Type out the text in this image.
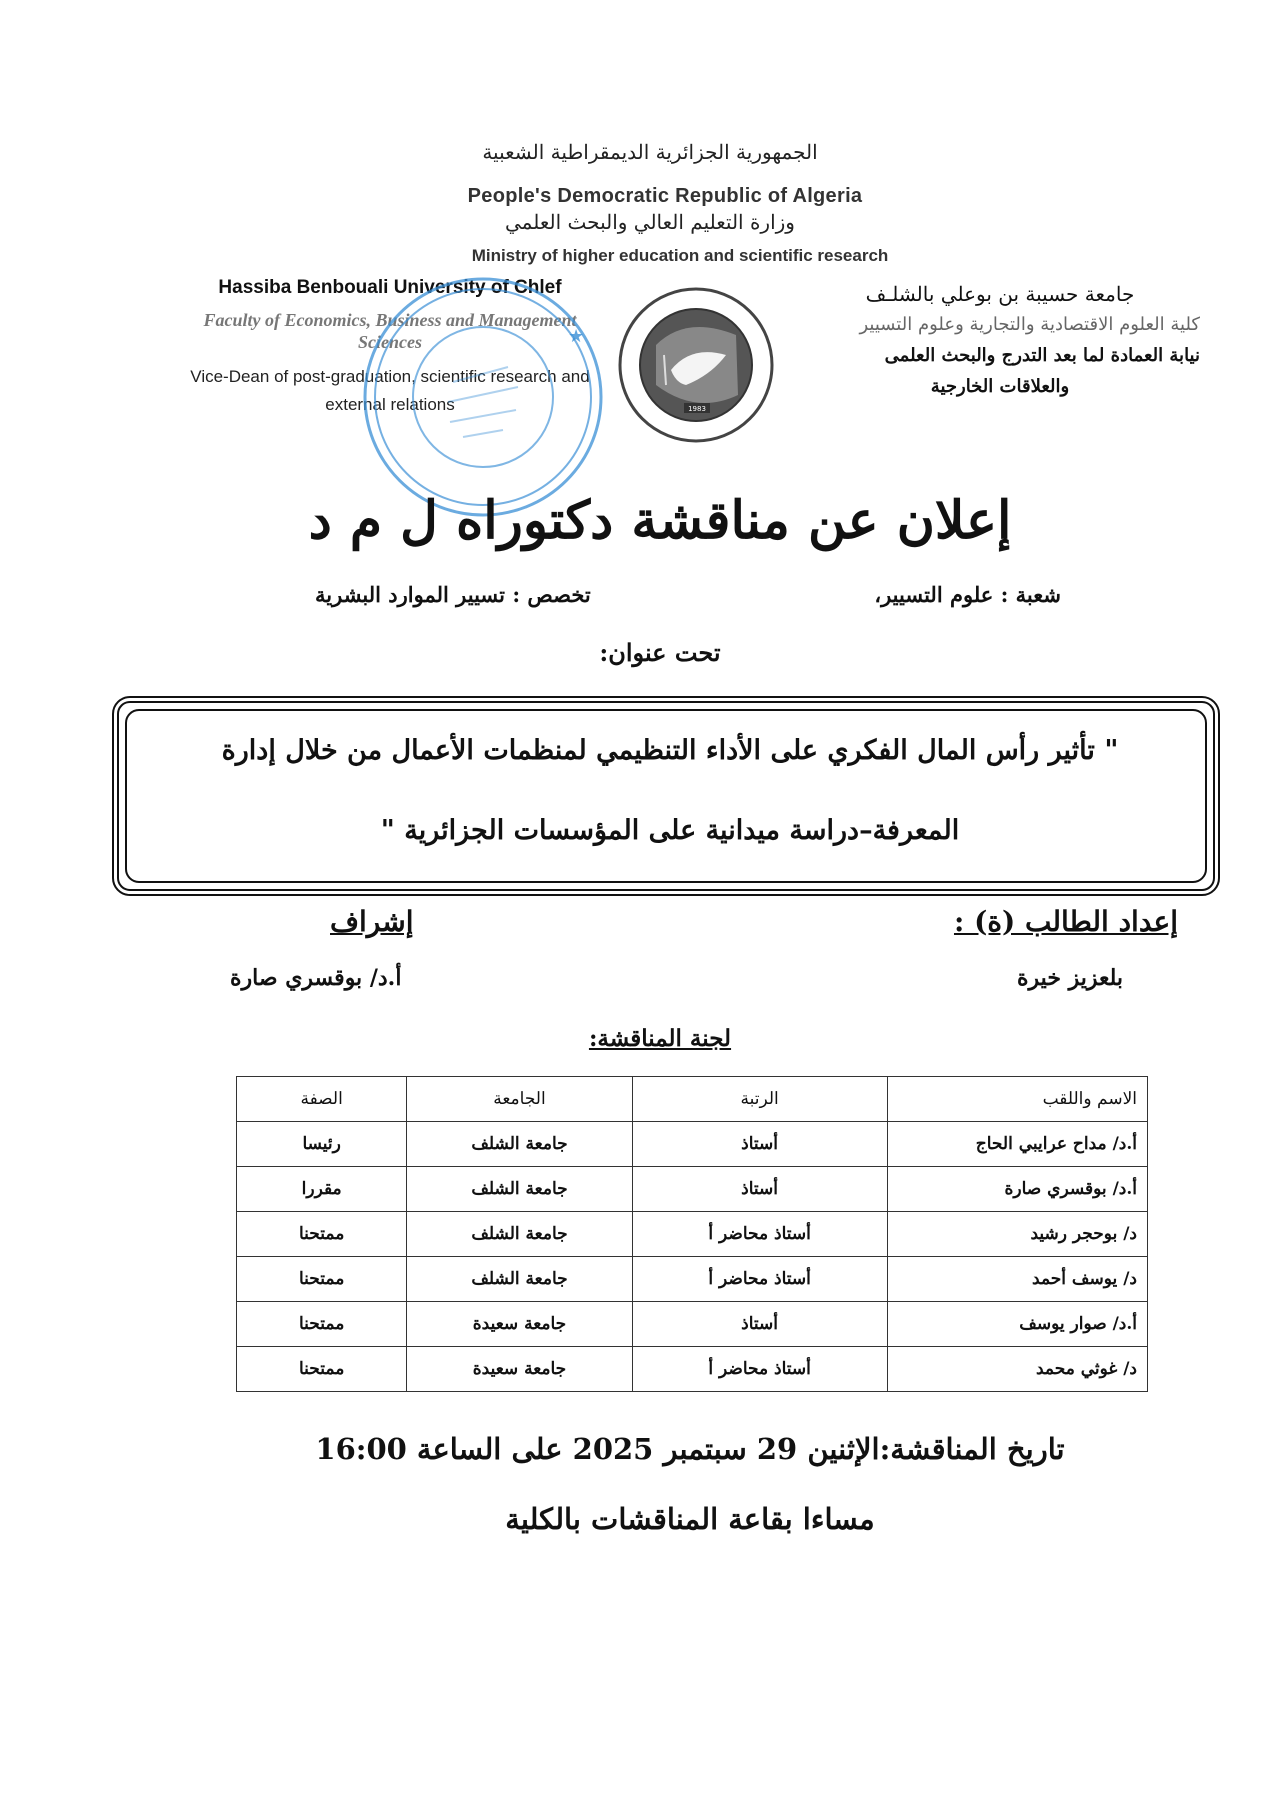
الجمهورية الجزائرية الديمقراطية الشعبية
People's Democratic Republic of Algeria
وزارة التعليم العالي والبحث العلمي
Ministry of higher education and scientific research
Hassiba Benbouali University of Chlef
Faculty of Economics, Business and Management Sciences
Vice-Dean of post-graduation, scientific research and external relations
★
1983
جامعة حسيبة بن بوعلي بالشلـف
كلية العلوم الاقتصادية والتجارية وعلوم التسيير
نيابة العمادة لما بعد التدرج والبحث العلمى
والعلاقات الخارجية
إعلان عن مناقشة دكتوراه ل م د
شعبة : علوم التسيير،
تخصص : تسيير الموارد البشرية
تحت عنوان:
" تأثير رأس المال الفكري على الأداء التنظيمي لمنظمات الأعمال من خلال إدارة
المعرفة–دراسة ميدانية على المؤسسات الجزائرية "
إعداد الطالب (ة) :
إشراف
بلعزيز خيرة
أ.د/ بوقسري صارة
لجنة المناقشة:
الاسم واللقب	الرتبة	الجامعة	الصفة
أ.د/ مداح عرايبي الحاج	أستاذ	جامعة الشلف	رئيسا
أ.د/ بوقسري صارة	أستاذ	جامعة الشلف	مقررا
د/ بوحجر رشيد	أستاذ محاضر أ	جامعة الشلف	ممتحنا
د/ يوسف أحمد	أستاذ محاضر أ	جامعة الشلف	ممتحنا
أ.د/ صوار يوسف	أستاذ	جامعة سعيدة	ممتحنا
د/ غوثي محمد	أستاذ محاضر أ	جامعة سعيدة	ممتحنا
تاريخ المناقشة:الإثنين 29 سبتمبر 2025 على الساعة 16:00
مساءا بقاعة المناقشات بالكلية
